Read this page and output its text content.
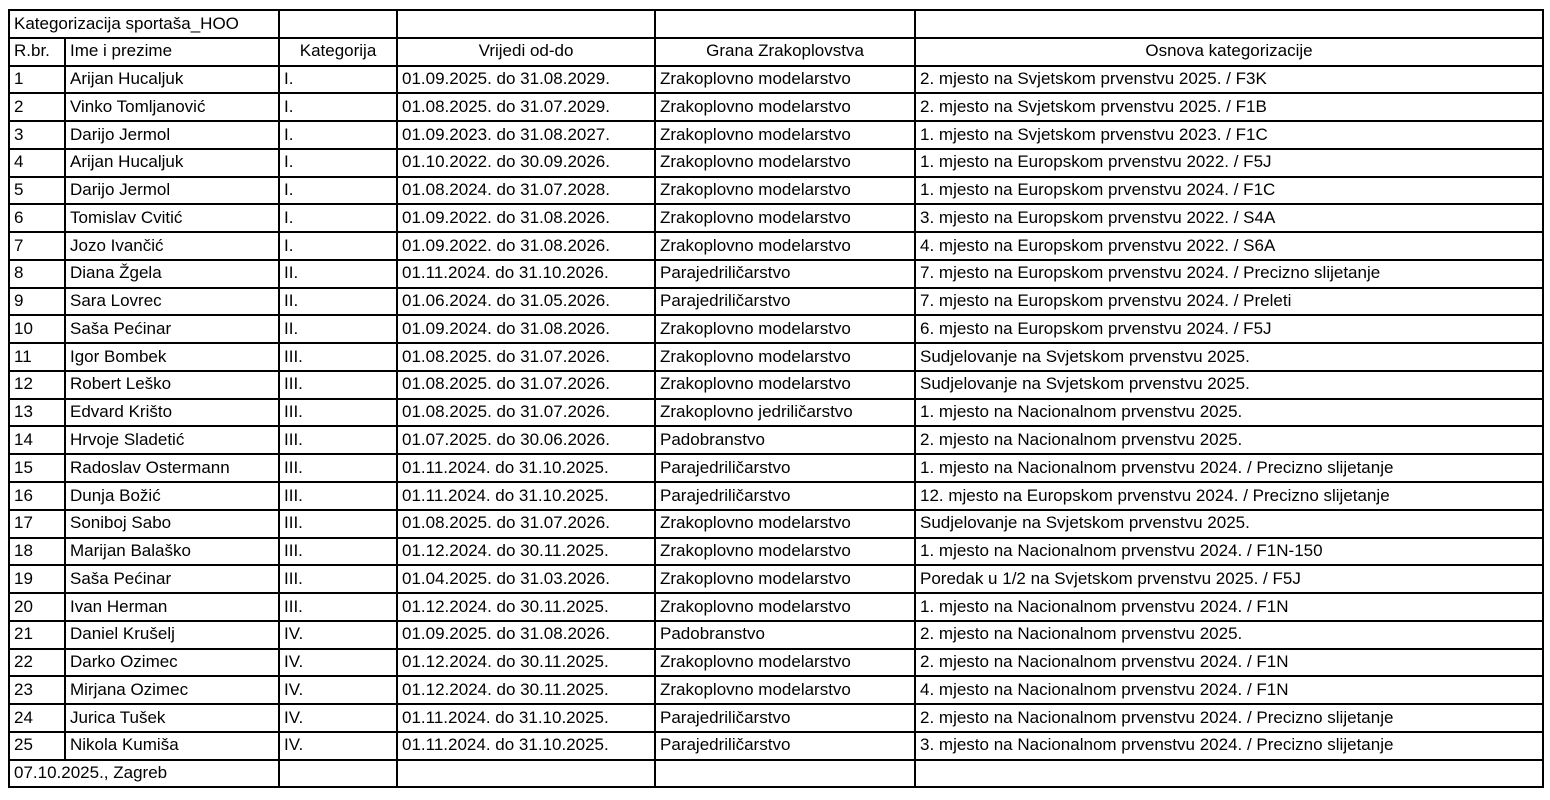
Kategorizacija sportaša_HOO					
R.br.	Ime i prezime	Kategorija	Vrijedi od-do	Grana Zrakoplovstva	Osnova kategorizacije
1	Arijan Hucaljuk	I.	01.09.2025. do 31.08.2029.	Zrakoplovno modelarstvo	2. mjesto na Svjetskom prvenstvu 2025. / F3K
2	Vinko Tomljanović	I.	01.08.2025. do 31.07.2029.	Zrakoplovno modelarstvo	2. mjesto na Svjetskom prvenstvu 2025. / F1B
3	Darijo Jermol	I.	01.09.2023. do 31.08.2027.	Zrakoplovno modelarstvo	1. mjesto na Svjetskom prvenstvu 2023. / F1C
4	Arijan Hucaljuk	I.	01.10.2022. do 30.09.2026.	Zrakoplovno modelarstvo	1. mjesto na Europskom prvenstvu 2022. / F5J
5	Darijo Jermol	I.	01.08.2024. do 31.07.2028.	Zrakoplovno modelarstvo	1. mjesto na Europskom prvenstvu 2024. / F1C
6	Tomislav Cvitić	I.	01.09.2022. do 31.08.2026.	Zrakoplovno modelarstvo	3. mjesto na Europskom prvenstvu 2022. / S4A
7	Jozo Ivančić	I.	01.09.2022. do 31.08.2026.	Zrakoplovno modelarstvo	4. mjesto na Europskom prvenstvu 2022. / S6A
8	Diana Žgela	II.	01.11.2024. do 31.10.2026.	Parajedriličarstvo	7. mjesto na Europskom prvenstvu 2024. / Precizno slijetanje
9	Sara Lovrec	II.	01.06.2024. do 31.05.2026.	Parajedriličarstvo	7. mjesto na Europskom prvenstvu 2024. / Preleti
10	Saša Pećinar	II.	01.09.2024. do 31.08.2026.	Zrakoplovno modelarstvo	6. mjesto na Europskom prvenstvu 2024. / F5J
11	Igor Bombek	III.	01.08.2025. do 31.07.2026.	Zrakoplovno modelarstvo	Sudjelovanje na Svjetskom prvenstvu 2025.
12	Robert Leško	III.	01.08.2025. do 31.07.2026.	Zrakoplovno modelarstvo	Sudjelovanje na Svjetskom prvenstvu 2025.
13	Edvard Krišto	III.	01.08.2025. do 31.07.2026.	Zrakoplovno jedriličarstvo	1. mjesto na Nacionalnom prvenstvu 2025.
14	Hrvoje Sladetić	III.	01.07.2025. do 30.06.2026.	Padobranstvo	2. mjesto na Nacionalnom prvenstvu 2025.
15	Radoslav Ostermann	III.	01.11.2024. do 31.10.2025.	Parajedriličarstvo	1. mjesto na Nacionalnom prvenstvu 2024. / Precizno slijetanje
16	Dunja Božić	III.	01.11.2024. do 31.10.2025.	Parajedriličarstvo	12. mjesto na Europskom prvenstvu 2024. / Precizno slijetanje
17	Soniboj Sabo	III.	01.08.2025. do 31.07.2026.	Zrakoplovno modelarstvo	Sudjelovanje na Svjetskom prvenstvu 2025.
18	Marijan Balaško	III.	01.12.2024. do 30.11.2025.	Zrakoplovno modelarstvo	1. mjesto na Nacionalnom prvenstvu 2024. / F1N-150
19	Saša Pećinar	III.	01.04.2025. do 31.03.2026.	Zrakoplovno modelarstvo	Poredak u 1/2 na Svjetskom prvenstvu 2025. / F5J
20	Ivan Herman	III.	01.12.2024. do 30.11.2025.	Zrakoplovno modelarstvo	1. mjesto na Nacionalnom prvenstvu 2024. / F1N
21	Daniel Krušelj	IV.	01.09.2025. do 31.08.2026.	Padobranstvo	2. mjesto na Nacionalnom prvenstvu 2025.
22	Darko Ozimec	IV.	01.12.2024. do 30.11.2025.	Zrakoplovno modelarstvo	2. mjesto na Nacionalnom prvenstvu 2024. / F1N
23	Mirjana Ozimec	IV.	01.12.2024. do 30.11.2025.	Zrakoplovno modelarstvo	4. mjesto na Nacionalnom prvenstvu 2024. / F1N
24	Jurica Tušek	IV.	01.11.2024. do 31.10.2025.	Parajedriličarstvo	2. mjesto na Nacionalnom prvenstvu 2024. / Precizno slijetanje
25	Nikola Kumiša	IV.	01.11.2024. do 31.10.2025.	Parajedriličarstvo	3. mjesto na Nacionalnom prvenstvu 2024. / Precizno slijetanje
07.10.2025., Zagreb					
